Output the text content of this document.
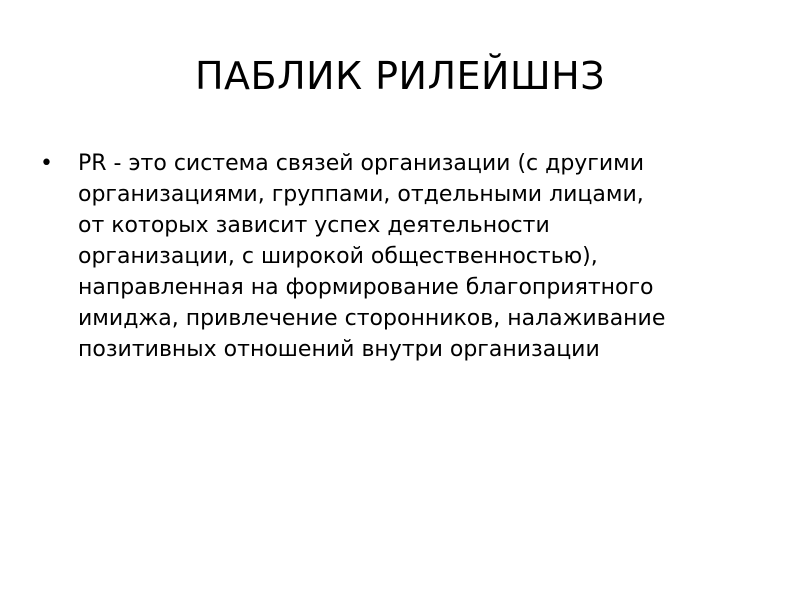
ПАБЛИК РИЛЕЙШНЗ
•	PR - это система связей организации (с другими
организациями, группами, отдельными лицами,
от которых зависит успех деятельности
организации, с широкой общественностью),
направленная на формирование благоприятного
имиджа, привлечение сторонников, налаживание
позитивных отношений внутри организации
